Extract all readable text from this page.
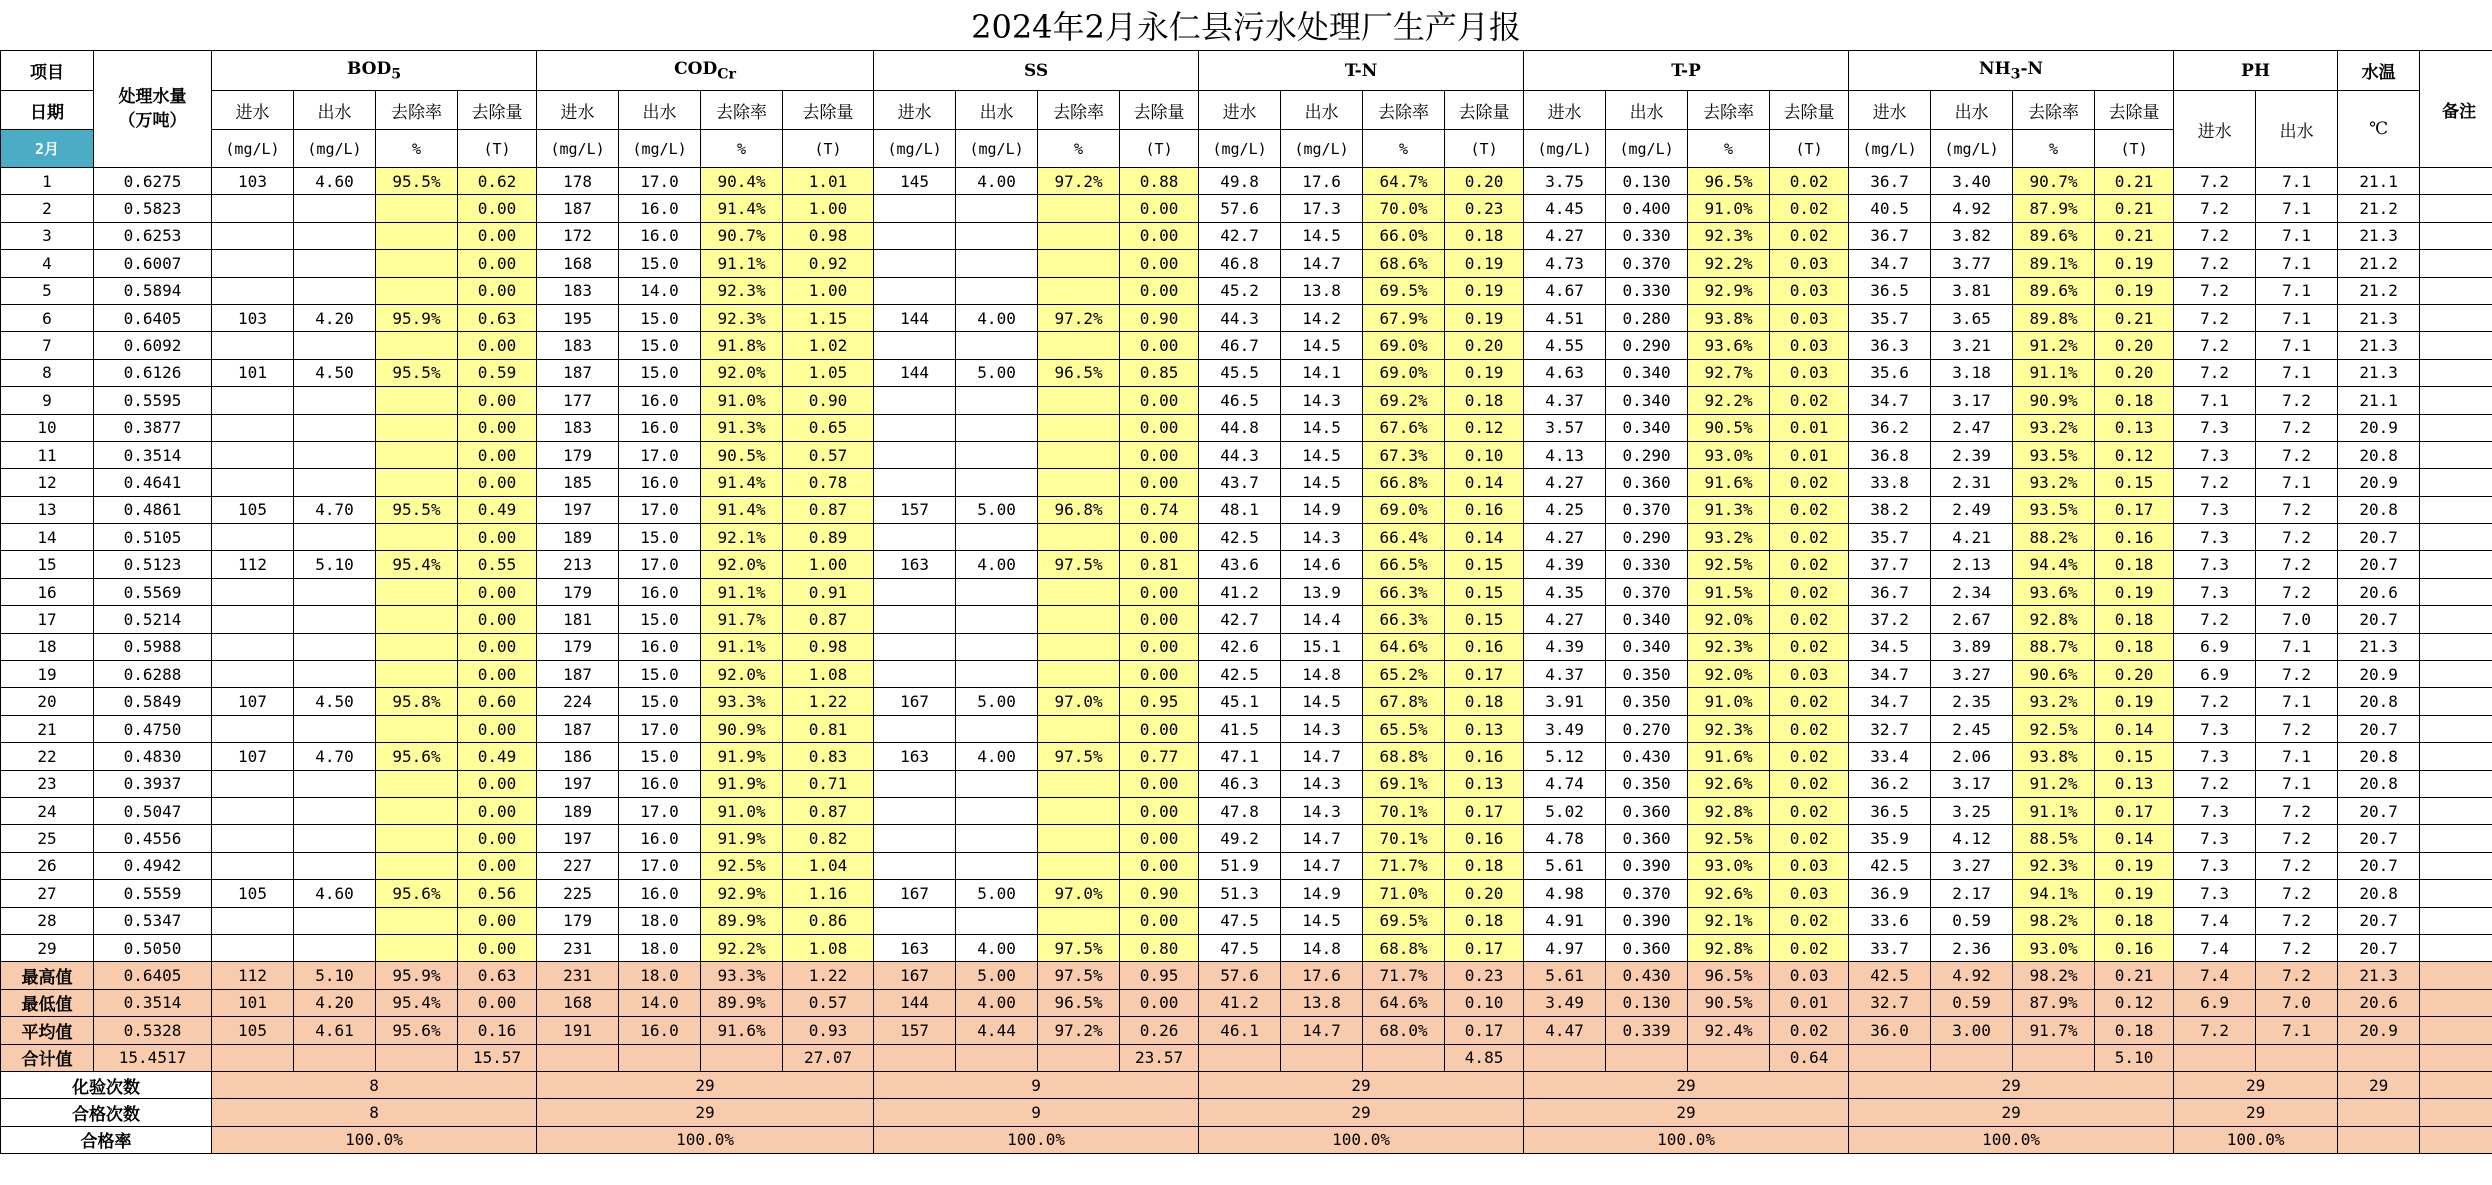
2024年2月永仁县污水处理厂生产月报
项目	处理水量
（万吨）	$BOD_5$				$COD_{Cr}$				SS				T-N				T-P				$NH_3-N$				PH		水温	备注
日期		进水	出水	去除率	去除量	进水	出水	去除率	去除量	进水	出水	去除率	去除量	进水	出水	去除率	去除量	进水	出水	去除率	去除量	进水	出水	去除率	去除量	进水	出水	℃	
2月		(mg/L)	(mg/L)	%	(T)	(mg/L)	(mg/L)	%	(T)	(mg/L)	(mg/L)	%	(T)	(mg/L)	(mg/L)	%	(T)	(mg/L)	(mg/L)	%	(T)	(mg/L)	(mg/L)	%	(T)				
1	0.6275	103	4.60	95.5%	0.62	178	17.0	90.4%	1.01	145	4.00	97.2%	0.88	49.8	17.6	64.7%	0.20	3.75	0.130	96.5%	0.02	36.7	3.40	90.7%	0.21	7.2	7.1	21.1	
2	0.5823				0.00	187	16.0	91.4%	1.00				0.00	57.6	17.3	70.0%	0.23	4.45	0.400	91.0%	0.02	40.5	4.92	87.9%	0.21	7.2	7.1	21.2	
3	0.6253				0.00	172	16.0	90.7%	0.98				0.00	42.7	14.5	66.0%	0.18	4.27	0.330	92.3%	0.02	36.7	3.82	89.6%	0.21	7.2	7.1	21.3	
4	0.6007				0.00	168	15.0	91.1%	0.92				0.00	46.8	14.7	68.6%	0.19	4.73	0.370	92.2%	0.03	34.7	3.77	89.1%	0.19	7.2	7.1	21.2	
5	0.5894				0.00	183	14.0	92.3%	1.00				0.00	45.2	13.8	69.5%	0.19	4.67	0.330	92.9%	0.03	36.5	3.81	89.6%	0.19	7.2	7.1	21.2	
6	0.6405	103	4.20	95.9%	0.63	195	15.0	92.3%	1.15	144	4.00	97.2%	0.90	44.3	14.2	67.9%	0.19	4.51	0.280	93.8%	0.03	35.7	3.65	89.8%	0.21	7.2	7.1	21.3	
7	0.6092				0.00	183	15.0	91.8%	1.02				0.00	46.7	14.5	69.0%	0.20	4.55	0.290	93.6%	0.03	36.3	3.21	91.2%	0.20	7.2	7.1	21.3	
8	0.6126	101	4.50	95.5%	0.59	187	15.0	92.0%	1.05	144	5.00	96.5%	0.85	45.5	14.1	69.0%	0.19	4.63	0.340	92.7%	0.03	35.6	3.18	91.1%	0.20	7.2	7.1	21.3	
9	0.5595				0.00	177	16.0	91.0%	0.90				0.00	46.5	14.3	69.2%	0.18	4.37	0.340	92.2%	0.02	34.7	3.17	90.9%	0.18	7.1	7.2	21.1	
10	0.3877				0.00	183	16.0	91.3%	0.65				0.00	44.8	14.5	67.6%	0.12	3.57	0.340	90.5%	0.01	36.2	2.47	93.2%	0.13	7.3	7.2	20.9	
11	0.3514				0.00	179	17.0	90.5%	0.57				0.00	44.3	14.5	67.3%	0.10	4.13	0.290	93.0%	0.01	36.8	2.39	93.5%	0.12	7.3	7.2	20.8	
12	0.4641				0.00	185	16.0	91.4%	0.78				0.00	43.7	14.5	66.8%	0.14	4.27	0.360	91.6%	0.02	33.8	2.31	93.2%	0.15	7.2	7.1	20.9	
13	0.4861	105	4.70	95.5%	0.49	197	17.0	91.4%	0.87	157	5.00	96.8%	0.74	48.1	14.9	69.0%	0.16	4.25	0.370	91.3%	0.02	38.2	2.49	93.5%	0.17	7.3	7.2	20.8	
14	0.5105				0.00	189	15.0	92.1%	0.89				0.00	42.5	14.3	66.4%	0.14	4.27	0.290	93.2%	0.02	35.7	4.21	88.2%	0.16	7.3	7.2	20.7	
15	0.5123	112	5.10	95.4%	0.55	213	17.0	92.0%	1.00	163	4.00	97.5%	0.81	43.6	14.6	66.5%	0.15	4.39	0.330	92.5%	0.02	37.7	2.13	94.4%	0.18	7.3	7.2	20.7	
16	0.5569				0.00	179	16.0	91.1%	0.91				0.00	41.2	13.9	66.3%	0.15	4.35	0.370	91.5%	0.02	36.7	2.34	93.6%	0.19	7.3	7.2	20.6	
17	0.5214				0.00	181	15.0	91.7%	0.87				0.00	42.7	14.4	66.3%	0.15	4.27	0.340	92.0%	0.02	37.2	2.67	92.8%	0.18	7.2	7.0	20.7	
18	0.5988				0.00	179	16.0	91.1%	0.98				0.00	42.6	15.1	64.6%	0.16	4.39	0.340	92.3%	0.02	34.5	3.89	88.7%	0.18	6.9	7.1	21.3	
19	0.6288				0.00	187	15.0	92.0%	1.08				0.00	42.5	14.8	65.2%	0.17	4.37	0.350	92.0%	0.03	34.7	3.27	90.6%	0.20	6.9	7.2	20.9	
20	0.5849	107	4.50	95.8%	0.60	224	15.0	93.3%	1.22	167	5.00	97.0%	0.95	45.1	14.5	67.8%	0.18	3.91	0.350	91.0%	0.02	34.7	2.35	93.2%	0.19	7.2	7.1	20.8	
21	0.4750				0.00	187	17.0	90.9%	0.81				0.00	41.5	14.3	65.5%	0.13	3.49	0.270	92.3%	0.02	32.7	2.45	92.5%	0.14	7.3	7.2	20.7	
22	0.4830	107	4.70	95.6%	0.49	186	15.0	91.9%	0.83	163	4.00	97.5%	0.77	47.1	14.7	68.8%	0.16	5.12	0.430	91.6%	0.02	33.4	2.06	93.8%	0.15	7.3	7.1	20.8	
23	0.3937				0.00	197	16.0	91.9%	0.71				0.00	46.3	14.3	69.1%	0.13	4.74	0.350	92.6%	0.02	36.2	3.17	91.2%	0.13	7.2	7.1	20.8	
24	0.5047				0.00	189	17.0	91.0%	0.87				0.00	47.8	14.3	70.1%	0.17	5.02	0.360	92.8%	0.02	36.5	3.25	91.1%	0.17	7.3	7.2	20.7	
25	0.4556				0.00	197	16.0	91.9%	0.82				0.00	49.2	14.7	70.1%	0.16	4.78	0.360	92.5%	0.02	35.9	4.12	88.5%	0.14	7.3	7.2	20.7	
26	0.4942				0.00	227	17.0	92.5%	1.04				0.00	51.9	14.7	71.7%	0.18	5.61	0.390	93.0%	0.03	42.5	3.27	92.3%	0.19	7.3	7.2	20.7	
27	0.5559	105	4.60	95.6%	0.56	225	16.0	92.9%	1.16	167	5.00	97.0%	0.90	51.3	14.9	71.0%	0.20	4.98	0.370	92.6%	0.03	36.9	2.17	94.1%	0.19	7.3	7.2	20.8	
28	0.5347				0.00	179	18.0	89.9%	0.86				0.00	47.5	14.5	69.5%	0.18	4.91	0.390	92.1%	0.02	33.6	0.59	98.2%	0.18	7.4	7.2	20.7	
29	0.5050				0.00	231	18.0	92.2%	1.08	163	4.00	97.5%	0.80	47.5	14.8	68.8%	0.17	4.97	0.360	92.8%	0.02	33.7	2.36	93.0%	0.16	7.4	7.2	20.7	
最高值	0.6405	112	5.10	95.9%	0.63	231	18.0	93.3%	1.22	167	5.00	97.5%	0.95	57.6	17.6	71.7%	0.23	5.61	0.430	96.5%	0.03	42.5	4.92	98.2%	0.21	7.4	7.2	21.3	
最低值	0.3514	101	4.20	95.4%	0.00	168	14.0	89.9%	0.57	144	4.00	96.5%	0.00	41.2	13.8	64.6%	0.10	3.49	0.130	90.5%	0.01	32.7	0.59	87.9%	0.12	6.9	7.0	20.6	
平均值	0.5328	105	4.61	95.6%	0.16	191	16.0	91.6%	0.93	157	4.44	97.2%	0.26	46.1	14.7	68.0%	0.17	4.47	0.339	92.4%	0.02	36.0	3.00	91.7%	0.18	7.2	7.1	20.9	
合计值	15.4517				15.57				27.07				23.57				4.85				0.64				5.10				
化验次数		8				29				9				29				29				29				29		29	
合格次数		8				29				9				29				29				29				29			
合格率		100.0%				100.0%				100.0%				100.0%				100.0%				100.0%				100.0%			
